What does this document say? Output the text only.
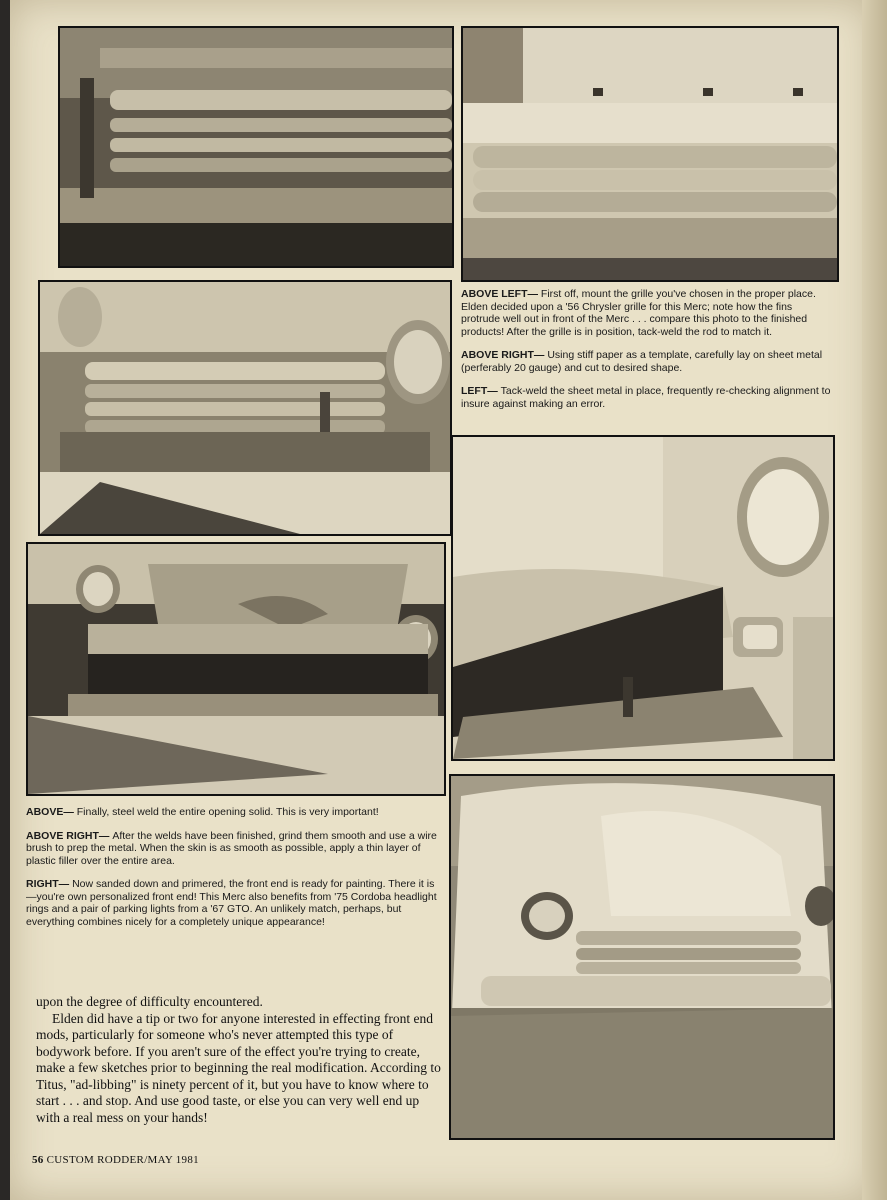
ABOVE LEFT— First off, mount the grille you've chosen in the proper place. Elden decided upon a '56 Chrysler grille for this Merc; note how the fins protrude well out in front of the Merc . . . compare this photo to the finished products! After the grille is in position, tack-weld the rod to match it.

ABOVE RIGHT— Using stiff paper as a template, carefully lay on sheet metal (perferably 20 gauge) and cut to desired shape.

LEFT— Tack-weld the sheet metal in place, frequently re-checking alignment to insure against making an error.

ABOVE— Finally, steel weld the entire opening solid. This is very important!

ABOVE RIGHT— After the welds have been finished, grind them smooth and use a wire brush to prep the metal. When the skin is as smooth as possible, apply a thin layer of plastic filler over the entire area.

RIGHT— Now sanded down and primered, the front end is ready for painting. There it is—you're own personalized front end! This Merc also benefits from '75 Cordoba headlight rings and a pair of parking lights from a '67 GTO. An unlikely match, perhaps, but everything combines nicely for a completely unique appearance!

upon the degree of difficulty encountered.

Elden did have a tip or two for anyone interested in effecting front end mods, particularly for someone who's never attempted this type of bodywork before. If you aren't sure of the effect you're trying to create, make a few sketches prior to beginning the real modification. According to Titus, "ad-libbing" is ninety percent of it, but you have to know where to start . . . and stop. And use good taste, or else you can very well end up with a real mess on your hands!

56 CUSTOM RODDER/MAY 1981
